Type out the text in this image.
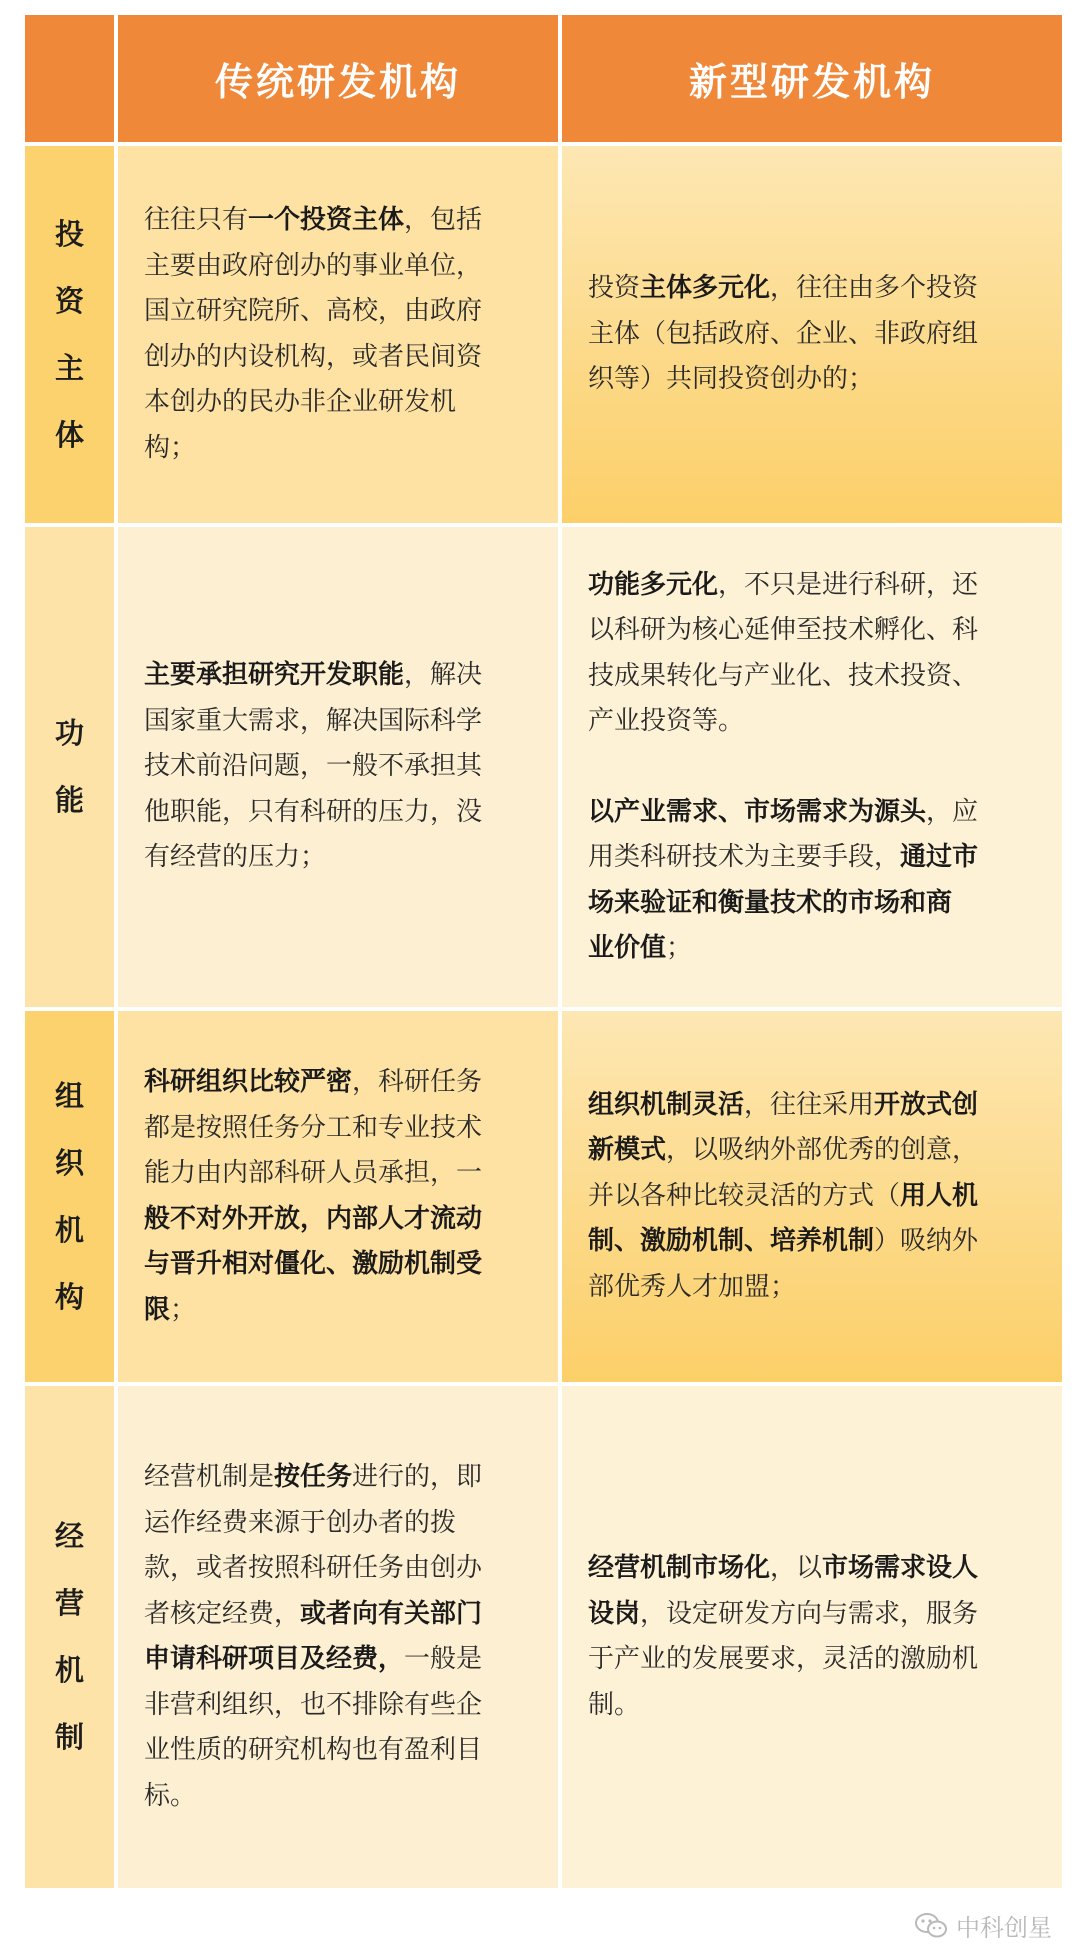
传统研发机构	新型研发机构
投
资
主
体
往往只有一个投资主体，包括
主要由政府创办的事业单位，
国立研究院所、高校，由政府
创办的内设机构，或者民间资
本创办的民办非企业研发机
构；
投资主体多元化，往往由多个投资
主体（包括政府、企业、非政府组
织等）共同投资创办的；
功
能
主要承担研究开发职能，解决
国家重大需求，解决国际科学
技术前沿问题，一般不承担其
他职能，只有科研的压力，没
有经营的压力；
功能多元化，不只是进行科研，还
以科研为核心延伸至技术孵化、科
技成果转化与产业化、技术投资、
产业投资等。
以产业需求、市场需求为源头，应
用类科研技术为主要手段，通过市
场来验证和衡量技术的市场和商
业价值；
组
织
机
构
科研组织比较严密，科研任务
都是按照任务分工和专业技术
能力由内部科研人员承担，一
般不对外开放，内部人才流动
与晋升相对僵化、激励机制受
限；
组织机制灵活，往往采用开放式创
新模式，以吸纳外部优秀的创意，
并以各种比较灵活的方式（用人机
制、激励机制、培养机制）吸纳外
部优秀人才加盟；
经
营
机
制
经营机制是按任务进行的，即
运作经费来源于创办者的拨
款，或者按照科研任务由创办
者核定经费，或者向有关部门
申请科研项目及经费，一般是
非营利组织，也不排除有些企
业性质的研究机构也有盈利目
标。
经营机制市场化，以市场需求设人
设岗，设定研发方向与需求，服务
于产业的发展要求，灵活的激励机
制。
中科创星
